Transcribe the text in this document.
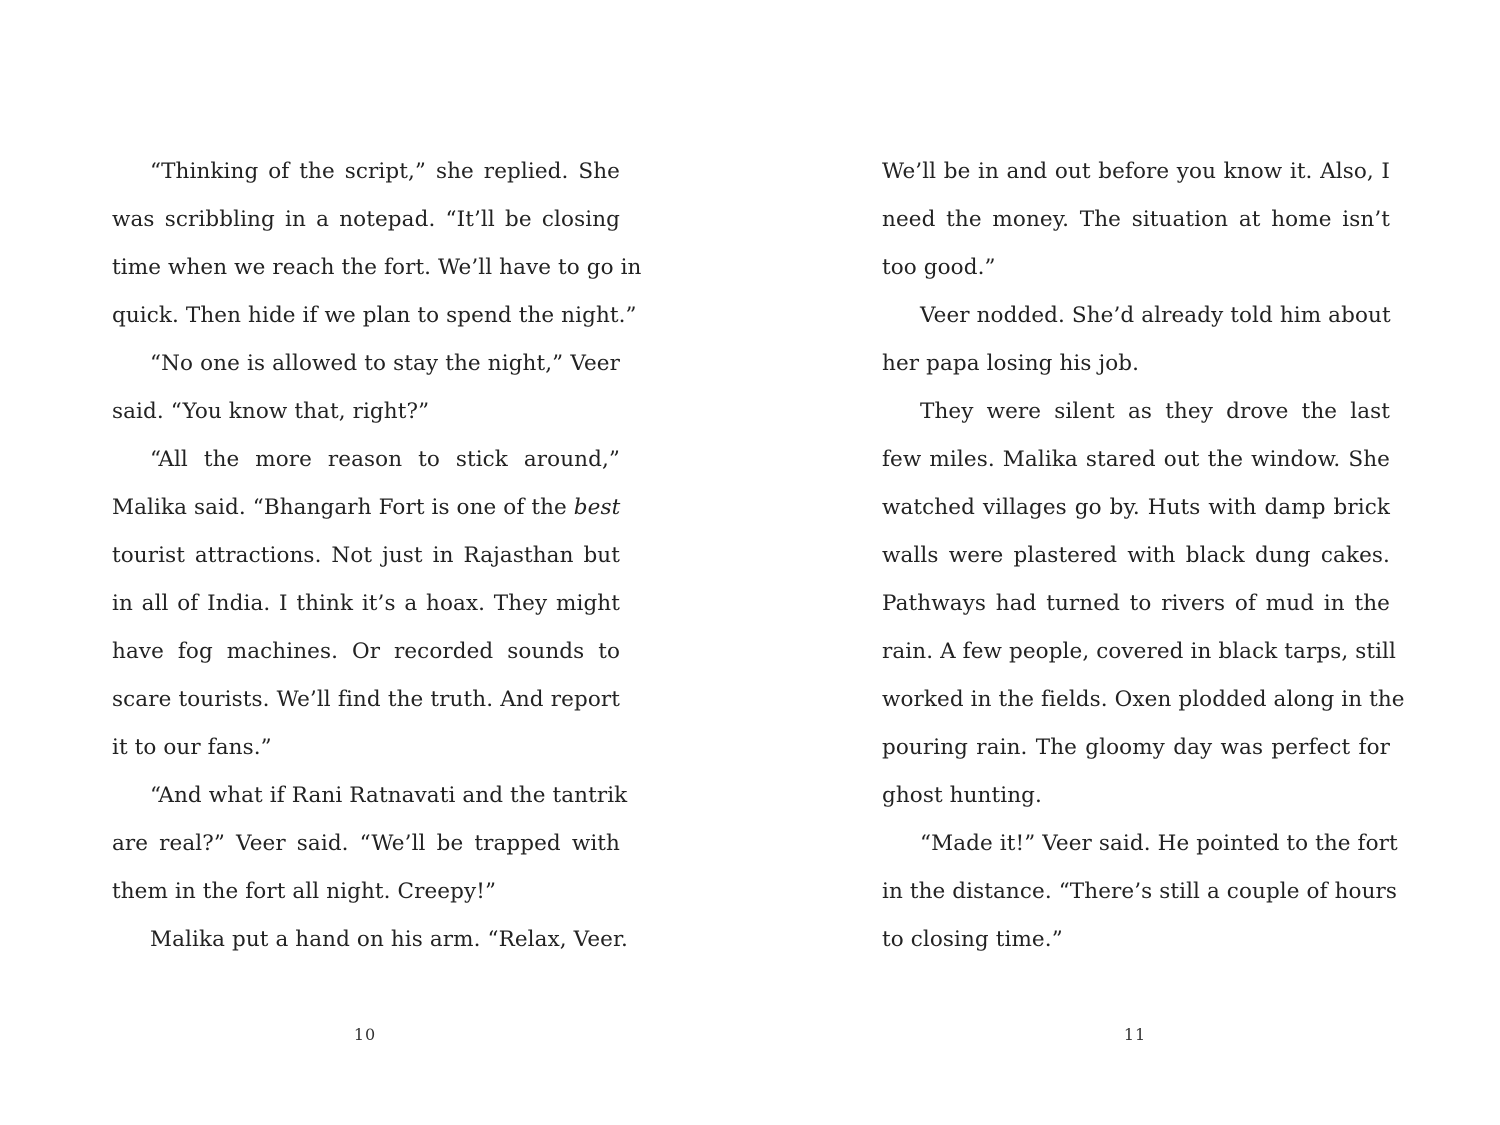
“Thinking of the script,” she replied. She
was scribbling in a notepad. “It’ll be closing
time when we reach the fort. We’ll have to go in
quick. Then hide if we plan to spend the night.”
“No one is allowed to stay the night,” Veer
said. “You know that, right?”
“All the more reason to stick around,”
Malika said. “Bhangarh Fort is one of the best
tourist attractions. Not just in Rajasthan but
in all of India. I think it’s a hoax. They might
have fog machines. Or recorded sounds to
scare tourists. We’ll find the truth. And report
it to our fans.”
“And what if Rani Ratnavati and the tantrik
are real?” Veer said. “We’ll be trapped with
them in the fort all night. Creepy!”
Malika put a hand on his arm. “Relax, Veer.
10
We’ll be in and out before you know it. Also, I
need the money. The situation at home isn’t
too good.”
Veer nodded. She’d already told him about
her papa losing his job.
They were silent as they drove the last
few miles. Malika stared out the window. She
watched villages go by. Huts with damp brick
walls were plastered with black dung cakes.
Pathways had turned to rivers of mud in the
rain. A few people, covered in black tarps, still
worked in the fields. Oxen plodded along in the
pouring rain. The gloomy day was perfect for
ghost hunting.
“Made it!” Veer said. He pointed to the fort
in the distance. “There’s still a couple of hours
to closing time.”
11
